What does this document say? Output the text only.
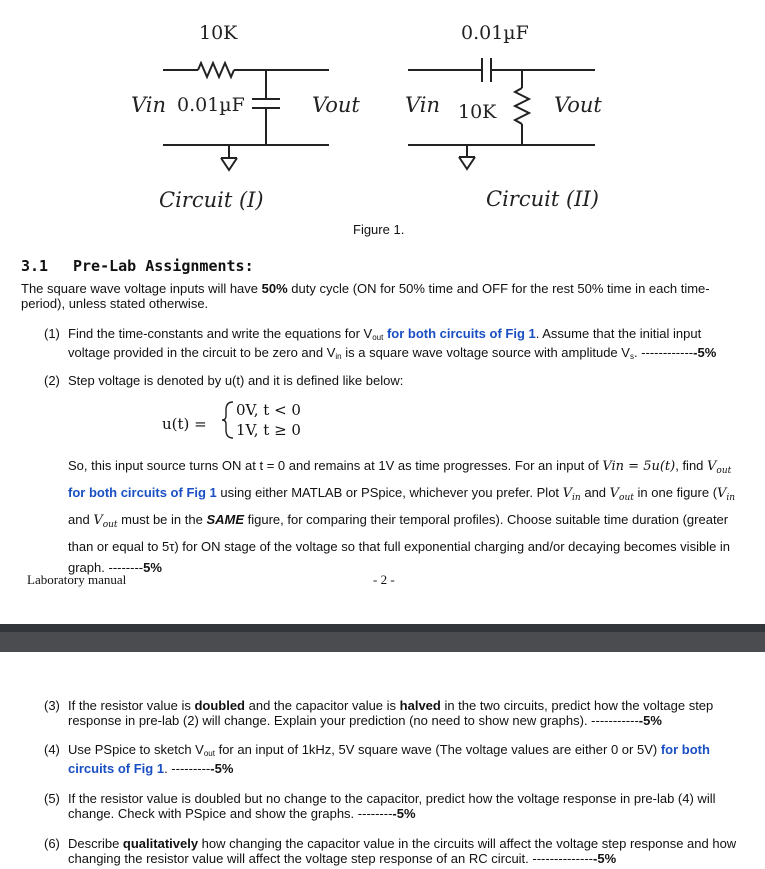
10K
Vin 0.01µF	Vout
Circuit (I)
0.01µF
Vin 10K	Vout
Circuit (II)
Figure 1.
3.1 Pre-Lab Assignments:
The square wave voltage inputs will have 50% duty cycle (ON for 50% time and OFF for the rest 50% time in each time-period), unless stated otherwise.
(1) Find the time-constants and write the equations for Vout for both circuits of Fig 1. Assume that the initial input voltage provided in the circuit to be zero and Vin is a square wave voltage source with amplitude Vs. -------------5%
(2) Step voltage is denoted by u(t) and it is defined like below:
u(t) =
0V, t < 0
1V, t ≥ 0
So, this input source turns ON at t = 0 and remains at 1V as time progresses. For an input of Vin = 5u(t), find $V_{out}$ for both circuits of Fig 1 using either MATLAB or PSpice, whichever you prefer. Plot $V_{in}$ and $V_{out}$ in one figure ($V_{in}$ and $V_{out}$ must be in the SAME figure, for comparing their temporal profiles). Choose suitable time duration (greater than or equal to 5τ) for ON stage of the voltage so that full exponential charging and/or decaying becomes visible in graph. --------5%
Laboratory manual	- 2 -
(3) If the resistor value is doubled and the capacitor value is halved in the two circuits, predict how the voltage step response in pre-lab (2) will change. Explain your prediction (no need to show new graphs). ------------5%
(4) Use PSpice to sketch Vout for an input of 1kHz, 5V square wave (The voltage values are either 0 or 5V) for both circuits of Fig 1. ----------5%
(5) If the resistor value is doubled but no change to the capacitor, predict how the voltage response in pre-lab (4) will change. Check with PSpice and show the graphs. ---------5%
(6) Describe qualitatively how changing the capacitor value in the circuits will affect the voltage step response and how changing the resistor value will affect the voltage step response of an RC circuit. ---------------5%
